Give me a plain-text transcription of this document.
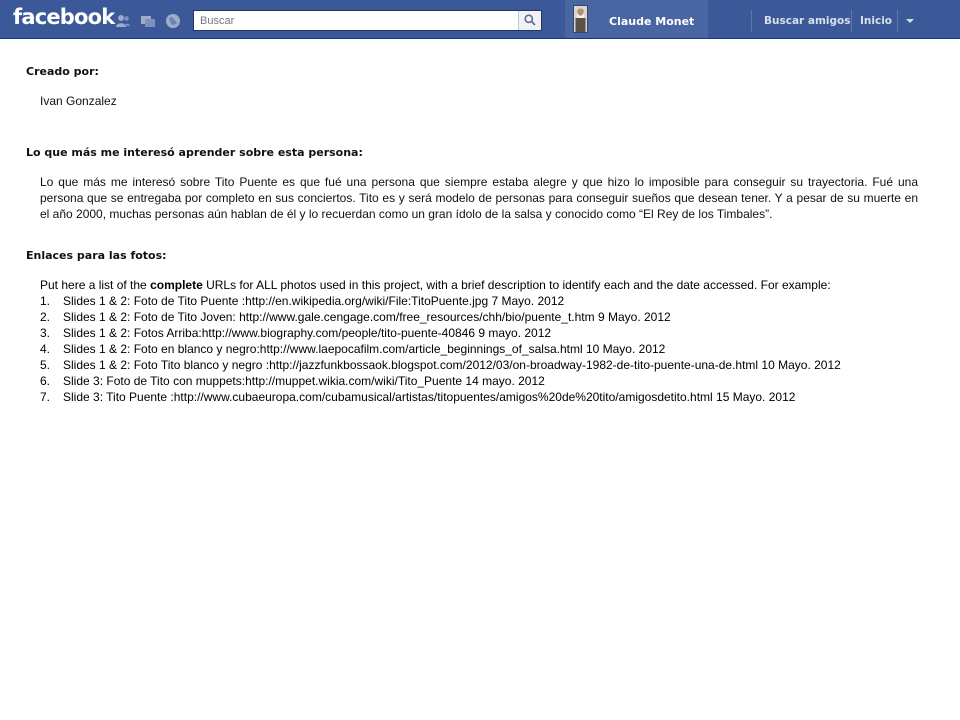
facebook
Buscar	Claude Monet	Buscar amigos Inicio
Creado por:
Ivan Gonzalez
Lo que más me interesó aprender sobre esta persona:
Lo que más me interesó sobre Tito Puente es que fué una persona que siempre estaba alegre y que hizo lo imposible para conseguir su trayectoria. Fué una persona que se entregaba por completo en sus conciertos. Tito es y será modelo de personas para conseguir sueños que desean tener. Y a pesar de su muerte en el año 2000, muchas personas aún hablan de él y lo recuerdan como un gran ídolo de la salsa y conocido como “El Rey de los Timbales”.
Enlaces para las fotos:
Put here a list of the complete URLs for ALL photos used in this project, with a brief description to identify each and the date accessed. For example:
1. Slides 1 & 2: Foto de Tito Puente :http://en.wikipedia.org/wiki/File:TitoPuente.jpg 7 Mayo. 2012
2. Slides 1 & 2: Foto de Tito Joven: http://www.gale.cengage.com/free_resources/chh/bio/puente_t.htm 9 Mayo. 2012
3. Slides 1 & 2: Fotos Arriba:http://www.biography.com/people/tito-puente-40846 9 mayo. 2012
4. Slides 1 & 2: Foto en blanco y negro:http://www.laepocafilm.com/article_beginnings_of_salsa.html 10 Mayo. 2012
5. Slides 1 & 2: Foto Tito blanco y negro :http://jazzfunkbossaok.blogspot.com/2012/03/on-broadway-1982-de-tito-puente-una-de.html 10 Mayo. 2012
6. Slide 3: Foto de Tito con muppets:http://muppet.wikia.com/wiki/Tito_Puente 14 mayo. 2012
7. Slide 3: Tito Puente :http://www.cubaeuropa.com/cubamusical/artistas/titopuentes/amigos%20de%20tito/amigosdetito.html 15 Mayo. 2012
